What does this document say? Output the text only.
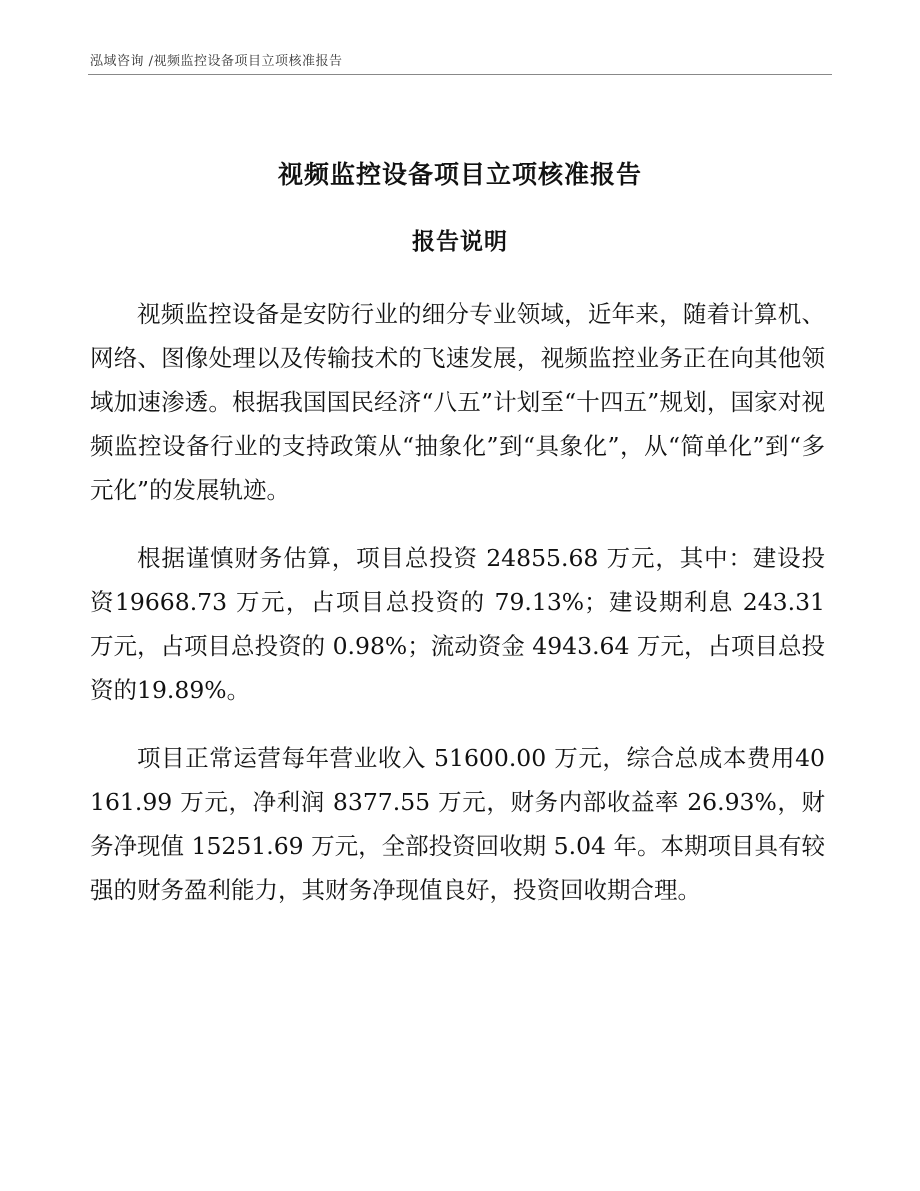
泓域咨询 /视频监控设备项目立项核准报告
视频监控设备项目立项核准报告
报告说明

视频监控设备是安防行业的细分专业领域，近年来，随着计算机、网络、图像处理以及传输技术的飞速发展，视频监控业务正在向其他领域加速渗透。根据我国国民经济“八五”计划至“十四五”规划，国家对视频监控设备行业的支持政策从“抽象化”到“具象化”，从“简单化”到“多元化”的发展轨迹。

根据谨慎财务估算，项目总投资 24855.68 万元，其中：建设投资19668.73 万元，占项目总投资的 79.13%；建设期利息 243.31 万元，占项目总投资的 0.98%；流动资金 4943.64 万元，占项目总投资的19.89%。

项目正常运营每年营业收入 51600.00 万元，综合总成本费用40161.99 万元，净利润 8377.55 万元，财务内部收益率 26.93%，财务净现值 15251.69 万元，全部投资回收期 5.04 年。本期项目具有较强的财务盈利能力，其财务净现值良好，投资回收期合理。
